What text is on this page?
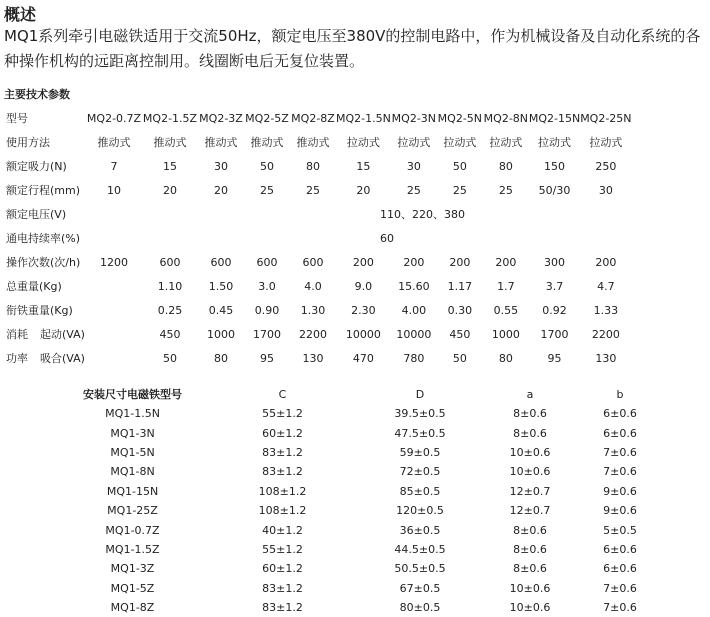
概述
MQ1系列牵引电磁铁适用于交流50Hz，额定电压至380V的控制电路中，作为机械设备及自动化系统的各种操作机构的远距离控制用。线圈断电后无复位装置。
主要技术参数
型号	MQ2-0.7Z	MQ2-1.5Z	MQ2-3Z	MQ2-5Z	MQ2-8Z	MQ2-1.5N	MQ2-3N	MQ2-5N	MQ2-8N	MQ2-15N	MQ2-25N
使用方法	推动式	推动式	推动式	推动式	推动式	拉动式	拉动式	拉动式	拉动式	拉动式	拉动式
额定吸力(N)	7	15	30	50	80	15	30	50	80	150	250
额定行程(mm)	10	20	20	25	25	20	25	25	25	50/30	30
额定电压(V)	110、220、380										
通电持续率(%)	60										
操作次数(次/h)	1200	600	600	600	600	200	200	200	200	300	200
总重量(Kg)		1.10	1.50	3.0	4.0	9.0	15.60	1.17	1.7	3.7	4.7
衔铁重量(Kg)		0.25	0.45	0.90	1.30	2.30	4.00	0.30	0.55	0.92	1.33
消耗 起动(VA)		450	1000	1700	2200	10000	10000	450	1000	1700	2200
功率 吸合(VA)		50	80	95	130	470	780	50	80	95	130
安装尺寸电磁铁型号	C	D	a	b
MQ1-1.5N	55±1.2	39.5±0.5	8±0.6	6±0.6
MQ1-3N	60±1.2	47.5±0.5	8±0.6	6±0.6
MQ1-5N	83±1.2	59±0.5	10±0.6	7±0.6
MQ1-8N	83±1.2	72±0.5	10±0.6	7±0.6
MQ1-15N	108±1.2	85±0.5	12±0.7	9±0.6
MQ1-25Z	108±1.2	120±0.5	12±0.7	9±0.6
MQ1-0.7Z	40±1.2	36±0.5	8±0.6	5±0.5
MQ1-1.5Z	55±1.2	44.5±0.5	8±0.6	6±0.6
MQ1-3Z	60±1.2	50.5±0.5	8±0.6	6±0.6
MQ1-5Z	83±1.2	67±0.5	10±0.6	7±0.6
MQ1-8Z	83±1.2	80±0.5	10±0.6	7±0.6
